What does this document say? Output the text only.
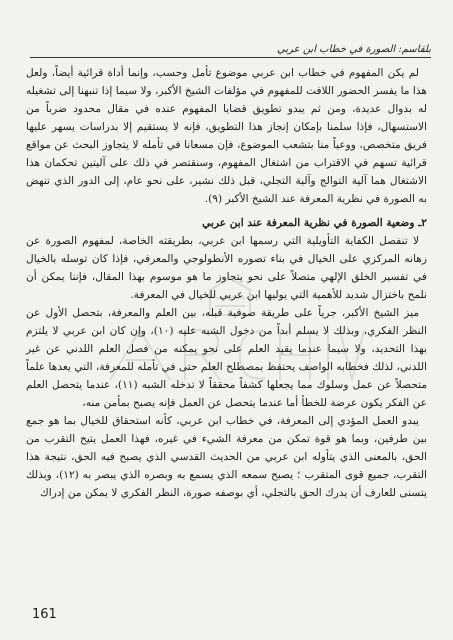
بلقاسم: الصورة في خطاب ابن عربي

لم يكن المفهوم في خطاب ابن عربي موضوع تأمل وحسب، وإنما أداة قرائية أيضاً، ولعل هذا ما يفسر الحضور اللافت للمفهوم في مؤلفات الشيخ الأكبر، ولا سيما إذا تنبهنا إلى تشغيله له بدوال عديدة، ومن ثم يبدو تطويق قضايا المفهوم عنده في مقال محدود ضرباً من الاستسهال، فإذا سلمنا بإمكان إنجاز هذا التطويق، فإنه لا يستقيم إلا بدراسات يسهر عليها فريق متخصص، ووعياً منا بتشعب الموضوع، فإن مسعانا في تأمله لا يتجاوز البحث عن مواقع قرائية تسهم في الاقتراب من اشتغال المفهوم، وسنقتصر في ذلك على آليتين تحكمان هذا الاشتغال هما آلية التوالج وآلية التجلي، قبل ذلك نشير، على نحو عام، إلى الدور الذي تنهض به الصورة في نظرية المعرفة عند الشيخ الأكبر (٩).

٢ـ وضعية الصورة في نظرية المعرفة عند ابن عربي

لا تنفصل الكفاية التأويلية التي رسمها ابن عربي، بطريقته الخاصة، لمفهوم الصورة عن رهانه المركزي على الخيال في بناء تصوره الأنطولوجي والمعرفي، فإذا كان توسله بالخيال في تفسير الخلق الإلهي متصلاً على نحو يتجاوز ما هو موسوم بهذا المقال، فإننا يمكن أن نلمح باختزال شديد للأهمية التي يوليها ابن عربي للخيال في المعرفة.

ميز الشيخ الأكبر، جرياً على طريقة صوفية قبله، بين العلم والمعرفة، بتحصل الأول عن النظر الفكري، وبذلك لا يسلم أبداً من دخول الشبه عليه (١٠)، وإن كان ابن عربي لا يلتزم بهذا التحديد، ولا سيما عندما يقيد العلم على نحو يمكنه من فصل العلم اللدني عن غير اللدني، لذلك فخطابه الواصف يحتفظ بمصطلح العلم حتى في تأمله للمعرفة، التي يعدها علماً متحصلاً عن عمل وسلوك مما يجعلها كشفاً محققاً لا تدخله الشبه (١١)، عندما يتحصل العلم عن الفكر يكون عرضة للخطأ أما عندما يتحصل عن العمل فإنه يصبح بمأمن منه،

يبدو العمل المؤدي إلى المعرفة، في خطاب ابن عربي، كأنه استحقاق للخيال بما هو جمع بين طرفين، وبما هو قوة تمكن من معرفة الشيء في غيره، فهذا العمل يتيح التقرب من الحق، بالمعنى الذي يتأوله ابن عربي من الحديث القدسي الذي يصبح فيه الحق، نتيجة هذا التقرب، جميع قوى المتقرب ؛ يصبح سمعه الذي يسمع به وبصره الذي يبصر به (١٢)، وبذلك يتسنى للعارف أن يدرك الحق بالتجلي، أي بوصفه صورة، النظر الفكري لا يمكن من إدراك

161
